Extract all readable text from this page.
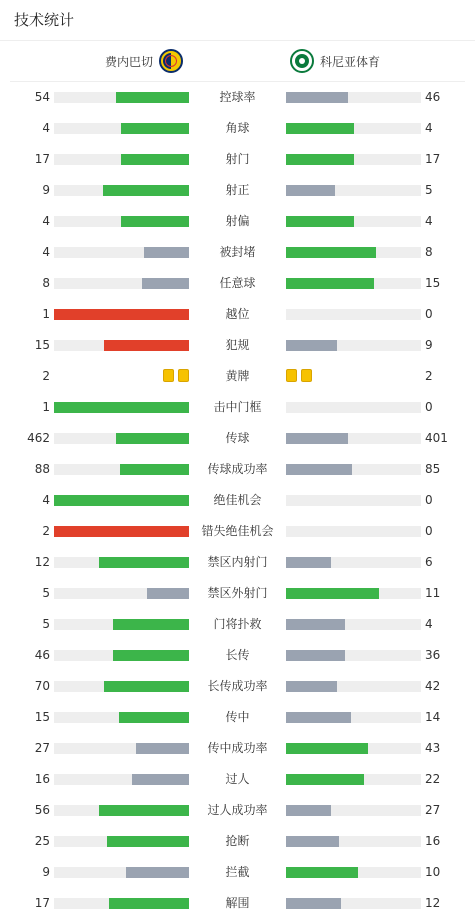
技术统计
费内巴切	科尼亚体育
54	控球率	46
4	角球	4
17	射门	17
9	射正	5
4	射偏	4
4	被封堵	8
8	任意球	15
1	越位	0
15	犯规	9
2	黄牌	2
1	击中门框	0
462	传球	401
88	传球成功率	85
4	绝佳机会	0
2	错失绝佳机会	0
12	禁区内射门	6
5	禁区外射门	11
5	门将扑救	4
46	长传	36
70	长传成功率	42
15	传中	14
27	传中成功率	43
16	过人	22
56	过人成功率	27
25	抢断	16
9	拦截	10
17	解围	12
